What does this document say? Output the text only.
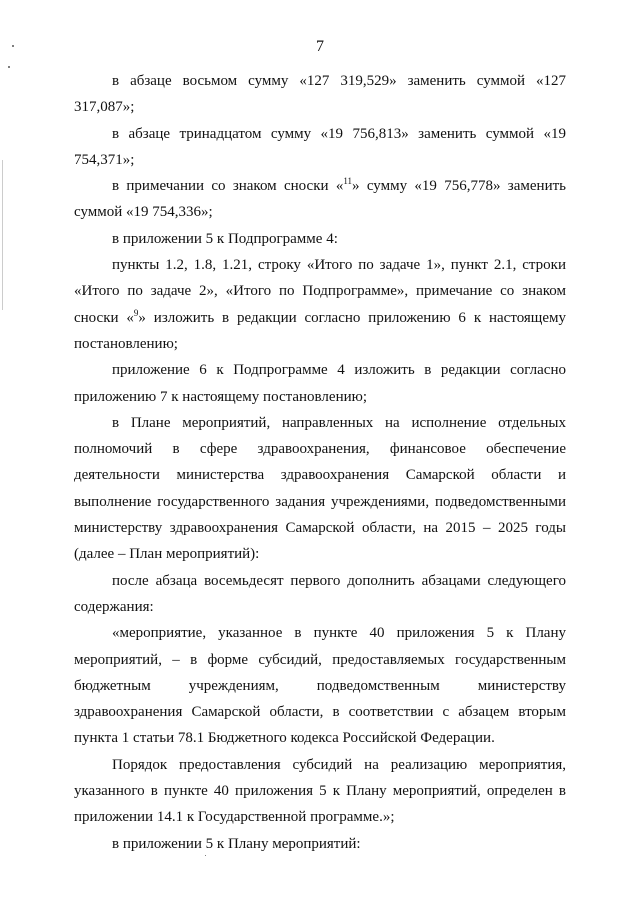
7

в абзаце восьмом сумму «127 319,529» заменить суммой «127 317,087»;

в абзаце тринадцатом сумму «19 756,813» заменить суммой «19 754,371»;

в примечании со знаком сноски «$^{11}$» сумму «19 756,778» заменить суммой «19 754,336»;

в приложении 5 к Подпрограмме 4:

пункты 1.2, 1.8, 1.21, строку «Итого по задаче 1», пункт 2.1, строки «Итого по задаче 2», «Итого по Подпрограмме», примечание со знаком сноски «$^9$» изложить в редакции согласно приложению 6 к настоящему постановлению;

приложение 6 к Подпрограмме 4 изложить в редакции согласно приложению 7 к настоящему постановлению;

в Плане мероприятий, направленных на исполнение отдельных полномочий в сфере здравоохранения, финансовое обеспечение деятельности министерства здравоохранения Самарской области и выполнение государственного задания учреждениями, подведомственными министерству здравоохранения Самарской области, на 2015 – 2025 годы (далее – План мероприятий):

после абзаца восемьдесят первого дополнить абзацами следующего содержания:

«мероприятие, указанное в пункте 40 приложения 5 к Плану мероприятий, – в форме субсидий, предоставляемых государственным бюджетным учреждениям, подведомственным министерству здравоохранения Самарской области, в соответствии с абзацем вторым пункта 1 статьи 78.1 Бюджетного кодекса Российской Федерации.

Порядок предоставления субсидий на реализацию мероприятия, указанного в пункте 40 приложения 5 к Плану мероприятий, определен в приложении 14.1 к Государственной программе.»;

в приложении 5 к Плану мероприятий:
